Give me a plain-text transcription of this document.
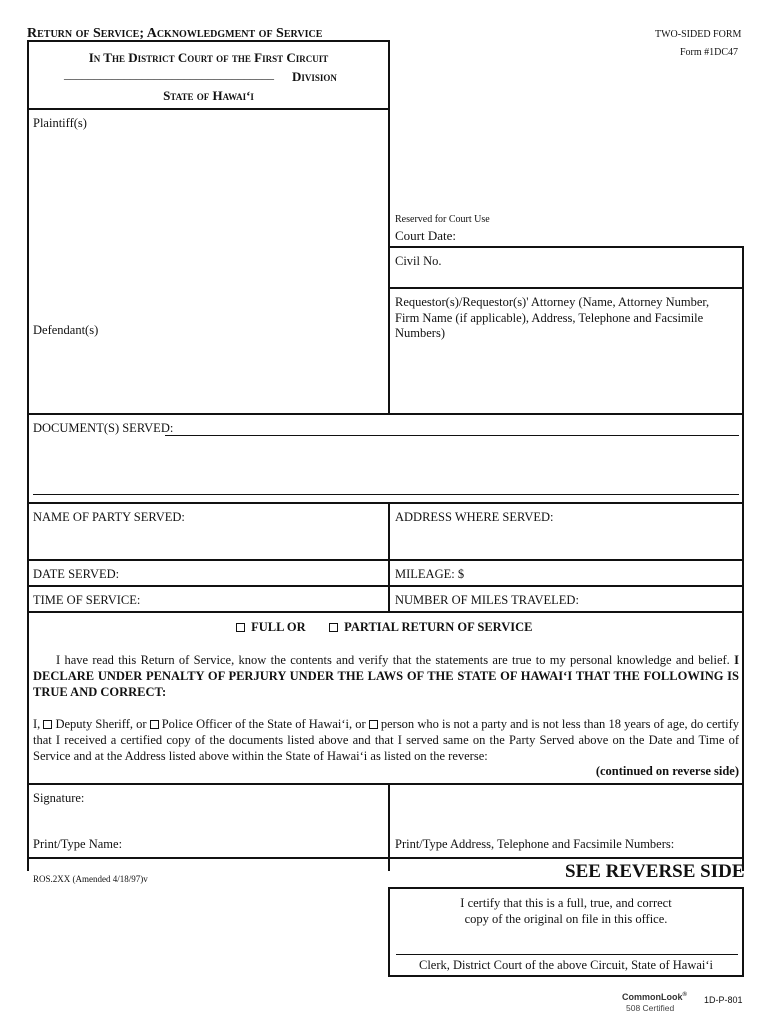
Return of Service; Acknowledgment of Service	TWO-SIDED FORM
Form #1DC47
In The District Court of the First Circuit
___________________________________ Division
State of Hawai‘i
Plaintiff(s)
Defendant(s)
Reserved for Court Use
Court Date:
Civil No.
Requestor(s)/Requestor(s)' Attorney (Name, Attorney Number,
Firm Name (if applicable), Address, Telephone and Facsimile
Numbers)
DOCUMENT(S) SERVED:
NAME OF PARTY SERVED:	ADDRESS WHERE SERVED:
DATE SERVED:	MILEAGE: $
TIME OF SERVICE:	NUMBER OF MILES TRAVELED:
FULL OR	PARTIAL RETURN OF SERVICE
I have read this Return of Service, know the contents and verify that the statements are true to my personal knowledge and belief. I DECLARE UNDER PENALTY OF PERJURY UNDER THE LAWS OF THE STATE OF HAWAI‘I THAT THE FOLLOWING IS TRUE AND CORRECT:
I, Deputy Sheriff, or Police Officer of the State of Hawai‘i, or person who is not a party and is not less than 18 years of age, do certify that I received a certified copy of the documents listed above and that I served same on the Party Served above on the Date and Time of Service and at the Address listed above within the State of Hawai‘i as listed on the reverse:
(continued on reverse side)
Signature:
Print/Type Name:	Print/Type Address, Telephone and Facsimile Numbers:
ROS.2XX (Amended 4/18/97)v	SEE REVERSE SIDE
I certify that this is a full, true, and correct
copy of the original on file in this office.
Clerk, District Court of the above Circuit, State of Hawai‘i
CommonLook®
508 Certified
1D-P-801
